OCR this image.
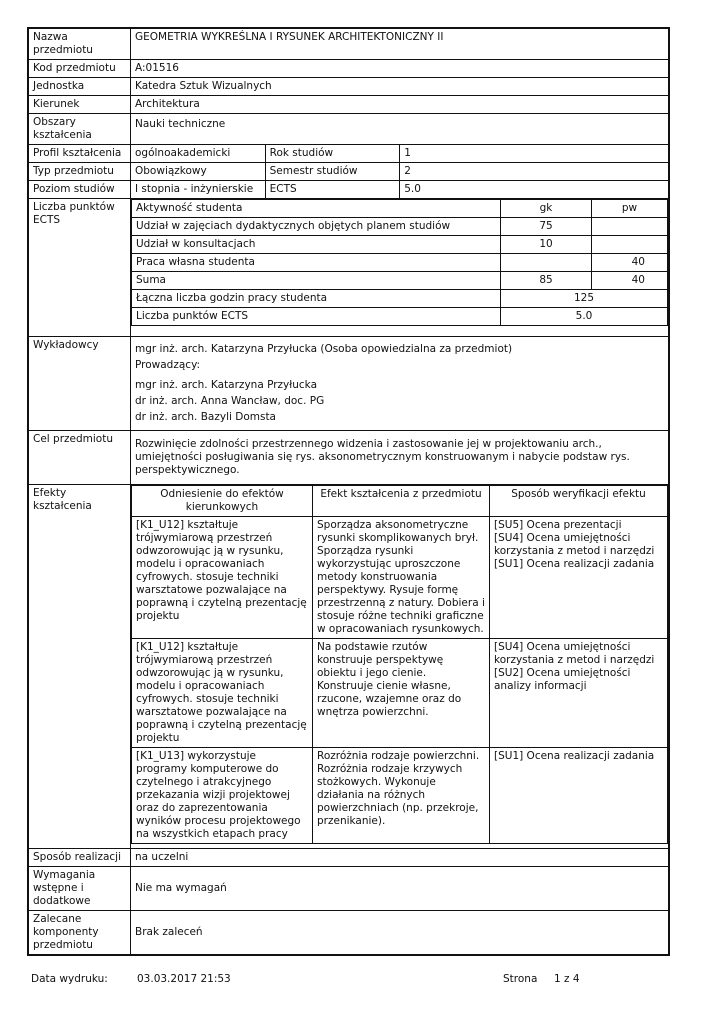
Nazwa przedmiotu	GEOMETRIA WYKREŚLNA I RYSUNEK ARCHITEKTONICZNY II
Kod przedmiotu	A:01516
Jednostka	Katedra Sztuk Wizualnych
Kierunek	Architektura
Obszary kształcenia	Nauki techniczne
Profil kształcenia	ogólnoakademicki	Rok studiów	1
Typ przedmiotu	Obowiązkowy	Semestr studiów	2
Poziom studiów	I stopnia - inżynierskie	ECTS	5.0
Liczba punktów ECTS	
Aktywność studenta	gk	pw
Udział w zajęciach dydaktycznych objętych planem studiów	75	
Udział w konsultacjach	10	
Praca własna studenta		40
Suma	85	40
Łączna liczba godzin pracy studenta	125
Liczba punktów ECTS	5.0

Wykładowcy	mgr inż. arch. Katarzyna Przyłucka (Osoba opowiedzialna za przedmiot)
Prowadzący:
mgr inż. arch. Katarzyna Przyłucka
dr inż. arch. Anna Wancław, doc. PG
dr inż. arch. Bazyli Domsta

Cel przedmiotu	Rozwinięcie zdolności przestrzennego widzenia i zastosowanie jej w projektowaniu arch., umiejętności posługiwania się rys. aksonometrycznym konstruowanym i nabycie podstaw rys. perspektywicznego.
Efekty kształcenia	
Odniesienie do efektów kierunkowych	Efekt kształcenia z przedmiotu	Sposób weryfikacji efektu
[K1_U12] kształtuje trójwymiarową przestrzeń odwzorowując ją w rysunku, modelu i opracowaniach cyfrowych. stosuje techniki warsztatowe pozwalające na poprawną i czytelną prezentację projektu	Sporządza aksonometryczne rysunki skomplikowanych brył. Sporządza rysunki wykorzystując uproszczone metody konstruowania perspektywy. Rysuje formę przestrzenną z natury. Dobiera i stosuje różne techniki graficzne w opracowaniach rysunkowych.	[SU5] Ocena prezentacji
[SU4] Ocena umiejętności korzystania z metod i narzędzi
[SU1] Ocena realizacji zadania
[K1_U12] kształtuje trójwymiarową przestrzeń odwzorowując ją w rysunku, modelu i opracowaniach cyfrowych. stosuje techniki warsztatowe pozwalające na poprawną i czytelną prezentację projektu	Na podstawie rzutów konstruuje perspektywę obiektu i jego cienie. Konstruuje cienie własne, rzucone, wzajemne oraz do wnętrza powierzchni.	[SU4] Ocena umiejętności korzystania z metod i narzędzi
[SU2] Ocena umiejętności analizy informacji
[K1_U13] wykorzystuje programy komputerowe do czytelnego i atrakcyjnego przekazania wizji projektowej oraz do zaprezentowania wyników procesu projektowego na wszystkich etapach pracy	Rozróżnia rodzaje powierzchni. Rozróżnia rodzaje krzywych stożkowych. Wykonuje działania na różnych powierzchniach (np. przekroje, przenikanie).	[SU1] Ocena realizacji zadania

Sposób realizacji	na uczelni
Wymagania wstępne i dodatkowe	Nie ma wymagań
Zalecane komponenty przedmiotu	Brak zaleceń
Data wydruku:	03.03.2017 21:53	Strona 1 z 4
